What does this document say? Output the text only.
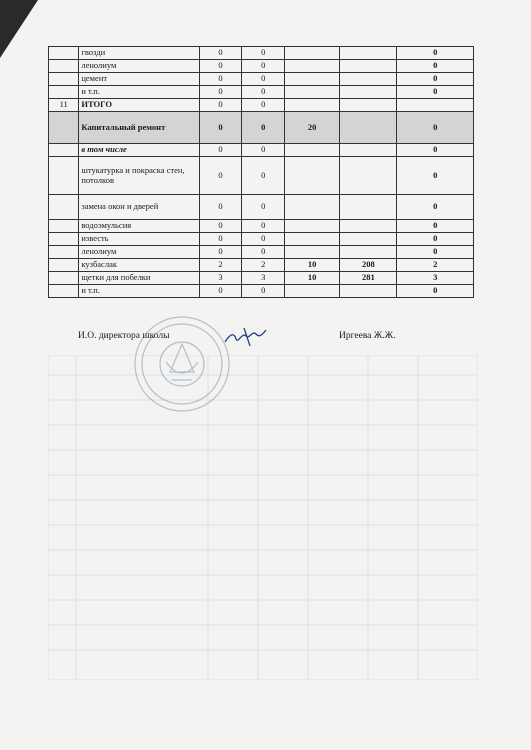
	гвозди	0	0			0
	ленолиум	0	0			0
	цемент	0	0			0
	и т.п.	0	0			0
11	ИТОГО	0	0			
	Капитальный ремонт	0	0	20		0
	в том числе	0	0			0
	штукатурка и покраска стен, потолков	0	0			0
	замена окон и дверей	0	0			0
	водоэмульсия	0	0			0
	известь	0	0			0
	ленолиум	0	0			0
	кузбаслак	2	2	10	208	2
	щетки для побелки	3	3	10	281	3
	и т.п.	0	0			0
И.О. директора школы	Иргеева Ж.Ж.
